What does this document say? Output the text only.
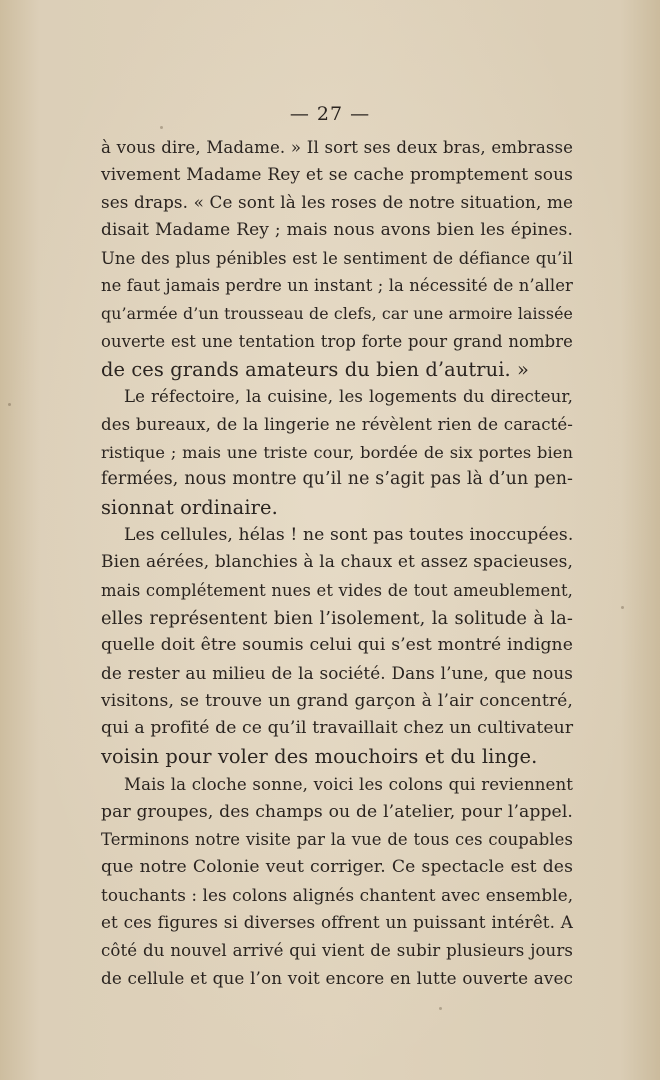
— 27 —
à vous dire, Madame. » Il sort ses deux bras, embrasse
vivement Madame Rey et se cache promptement sous
ses draps. « Ce sont là les roses de notre situation, me
disait Madame Rey ; mais nous avons bien les épines.
Une des plus pénibles est le sentiment de défiance qu’il
ne faut jamais perdre un instant ; la nécessité de n’aller
qu’armée d’un trousseau de clefs, car une armoire laissée
ouverte est une tentation trop forte pour grand nombre
de ces grands amateurs du bien d’autrui. »
Le réfectoire, la cuisine, les logements du directeur,
des bureaux, de la lingerie ne révèlent rien de caracté-
ristique ; mais une triste cour, bordée de six portes bien
fermées, nous montre qu’il ne s’agit pas là d’un pen-
sionnat ordinaire.
Les cellules, hélas ! ne sont pas toutes inoccupées.
Bien aérées, blanchies à la chaux et assez spacieuses,
mais complétement nues et vides de tout ameublement,
elles représentent bien l’isolement, la solitude à la-
quelle doit être soumis celui qui s’est montré indigne
de rester au milieu de la société. Dans l’une, que nous
visitons, se trouve un grand garçon à l’air concentré,
qui a profité de ce qu’il travaillait chez un cultivateur
voisin pour voler des mouchoirs et du linge.
Mais la cloche sonne, voici les colons qui reviennent
par groupes, des champs ou de l’atelier, pour l’appel.
Terminons notre visite par la vue de tous ces coupables
que notre Colonie veut corriger. Ce spectacle est des
touchants : les colons alignés chantent avec ensemble,
et ces figures si diverses offrent un puissant intérêt. A
côté du nouvel arrivé qui vient de subir plusieurs jours
de cellule et que l’on voit encore en lutte ouverte avec
